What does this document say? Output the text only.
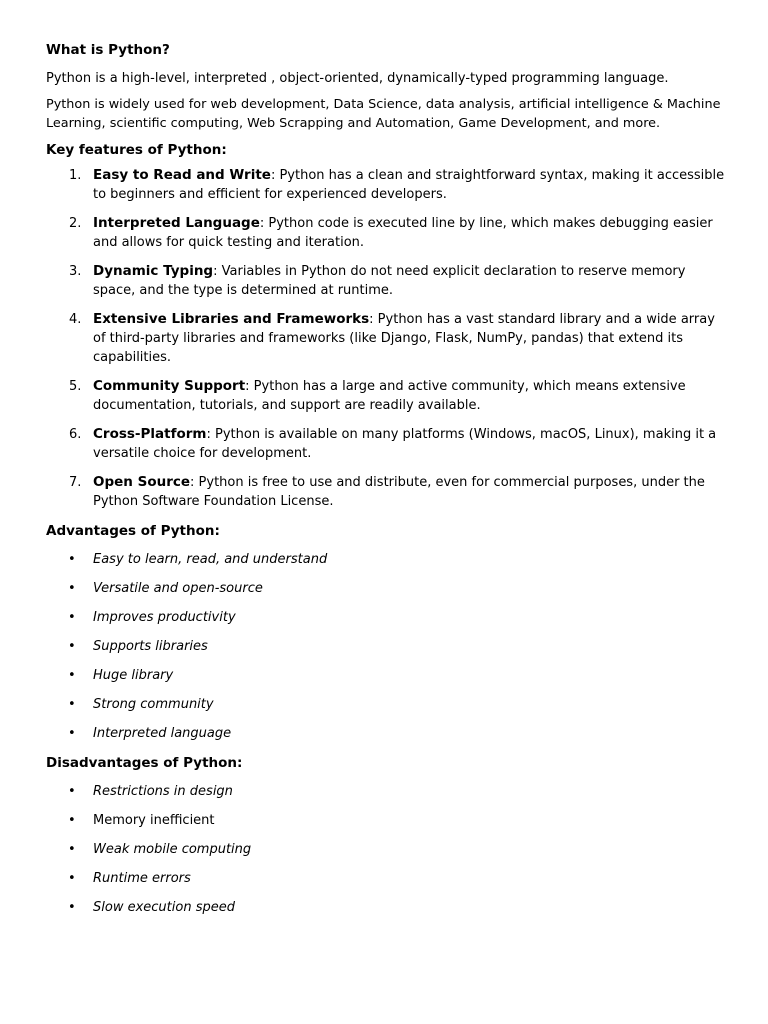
What is Python?

Python is a high-level, interpreted , object-oriented, dynamically-typed programming language.

Python is widely used for web development, Data Science, data analysis, artificial intelligence & Machine Learning, scientific computing, Web Scrapping and Automation, Game Development, and more.

Key features of Python:
1. Easy to Read and Write: Python has a clean and straightforward syntax, making it accessible to beginners and efficient for experienced developers.
2. Interpreted Language: Python code is executed line by line, which makes debugging easier and allows for quick testing and iteration.
3. Dynamic Typing: Variables in Python do not need explicit declaration to reserve memory space, and the type is determined at runtime.
4. Extensive Libraries and Frameworks: Python has a vast standard library and a wide array of third-party libraries and frameworks (like Django, Flask, NumPy, pandas) that extend its capabilities.
5. Community Support: Python has a large and active community, which means extensive documentation, tutorials, and support are readily available.
6. Cross-Platform: Python is available on many platforms (Windows, macOS, Linux), making it a versatile choice for development.
7. Open Source: Python is free to use and distribute, even for commercial purposes, under the Python Software Foundation License.
Advantages of Python:
• Easy to learn, read, and understand
• Versatile and open-source
• Improves productivity
• Supports libraries
• Huge library
• Strong community
• Interpreted language
Disadvantages of Python:
• Restrictions in design
• Memory inefficient
• Weak mobile computing
• Runtime errors
• Slow execution speed
